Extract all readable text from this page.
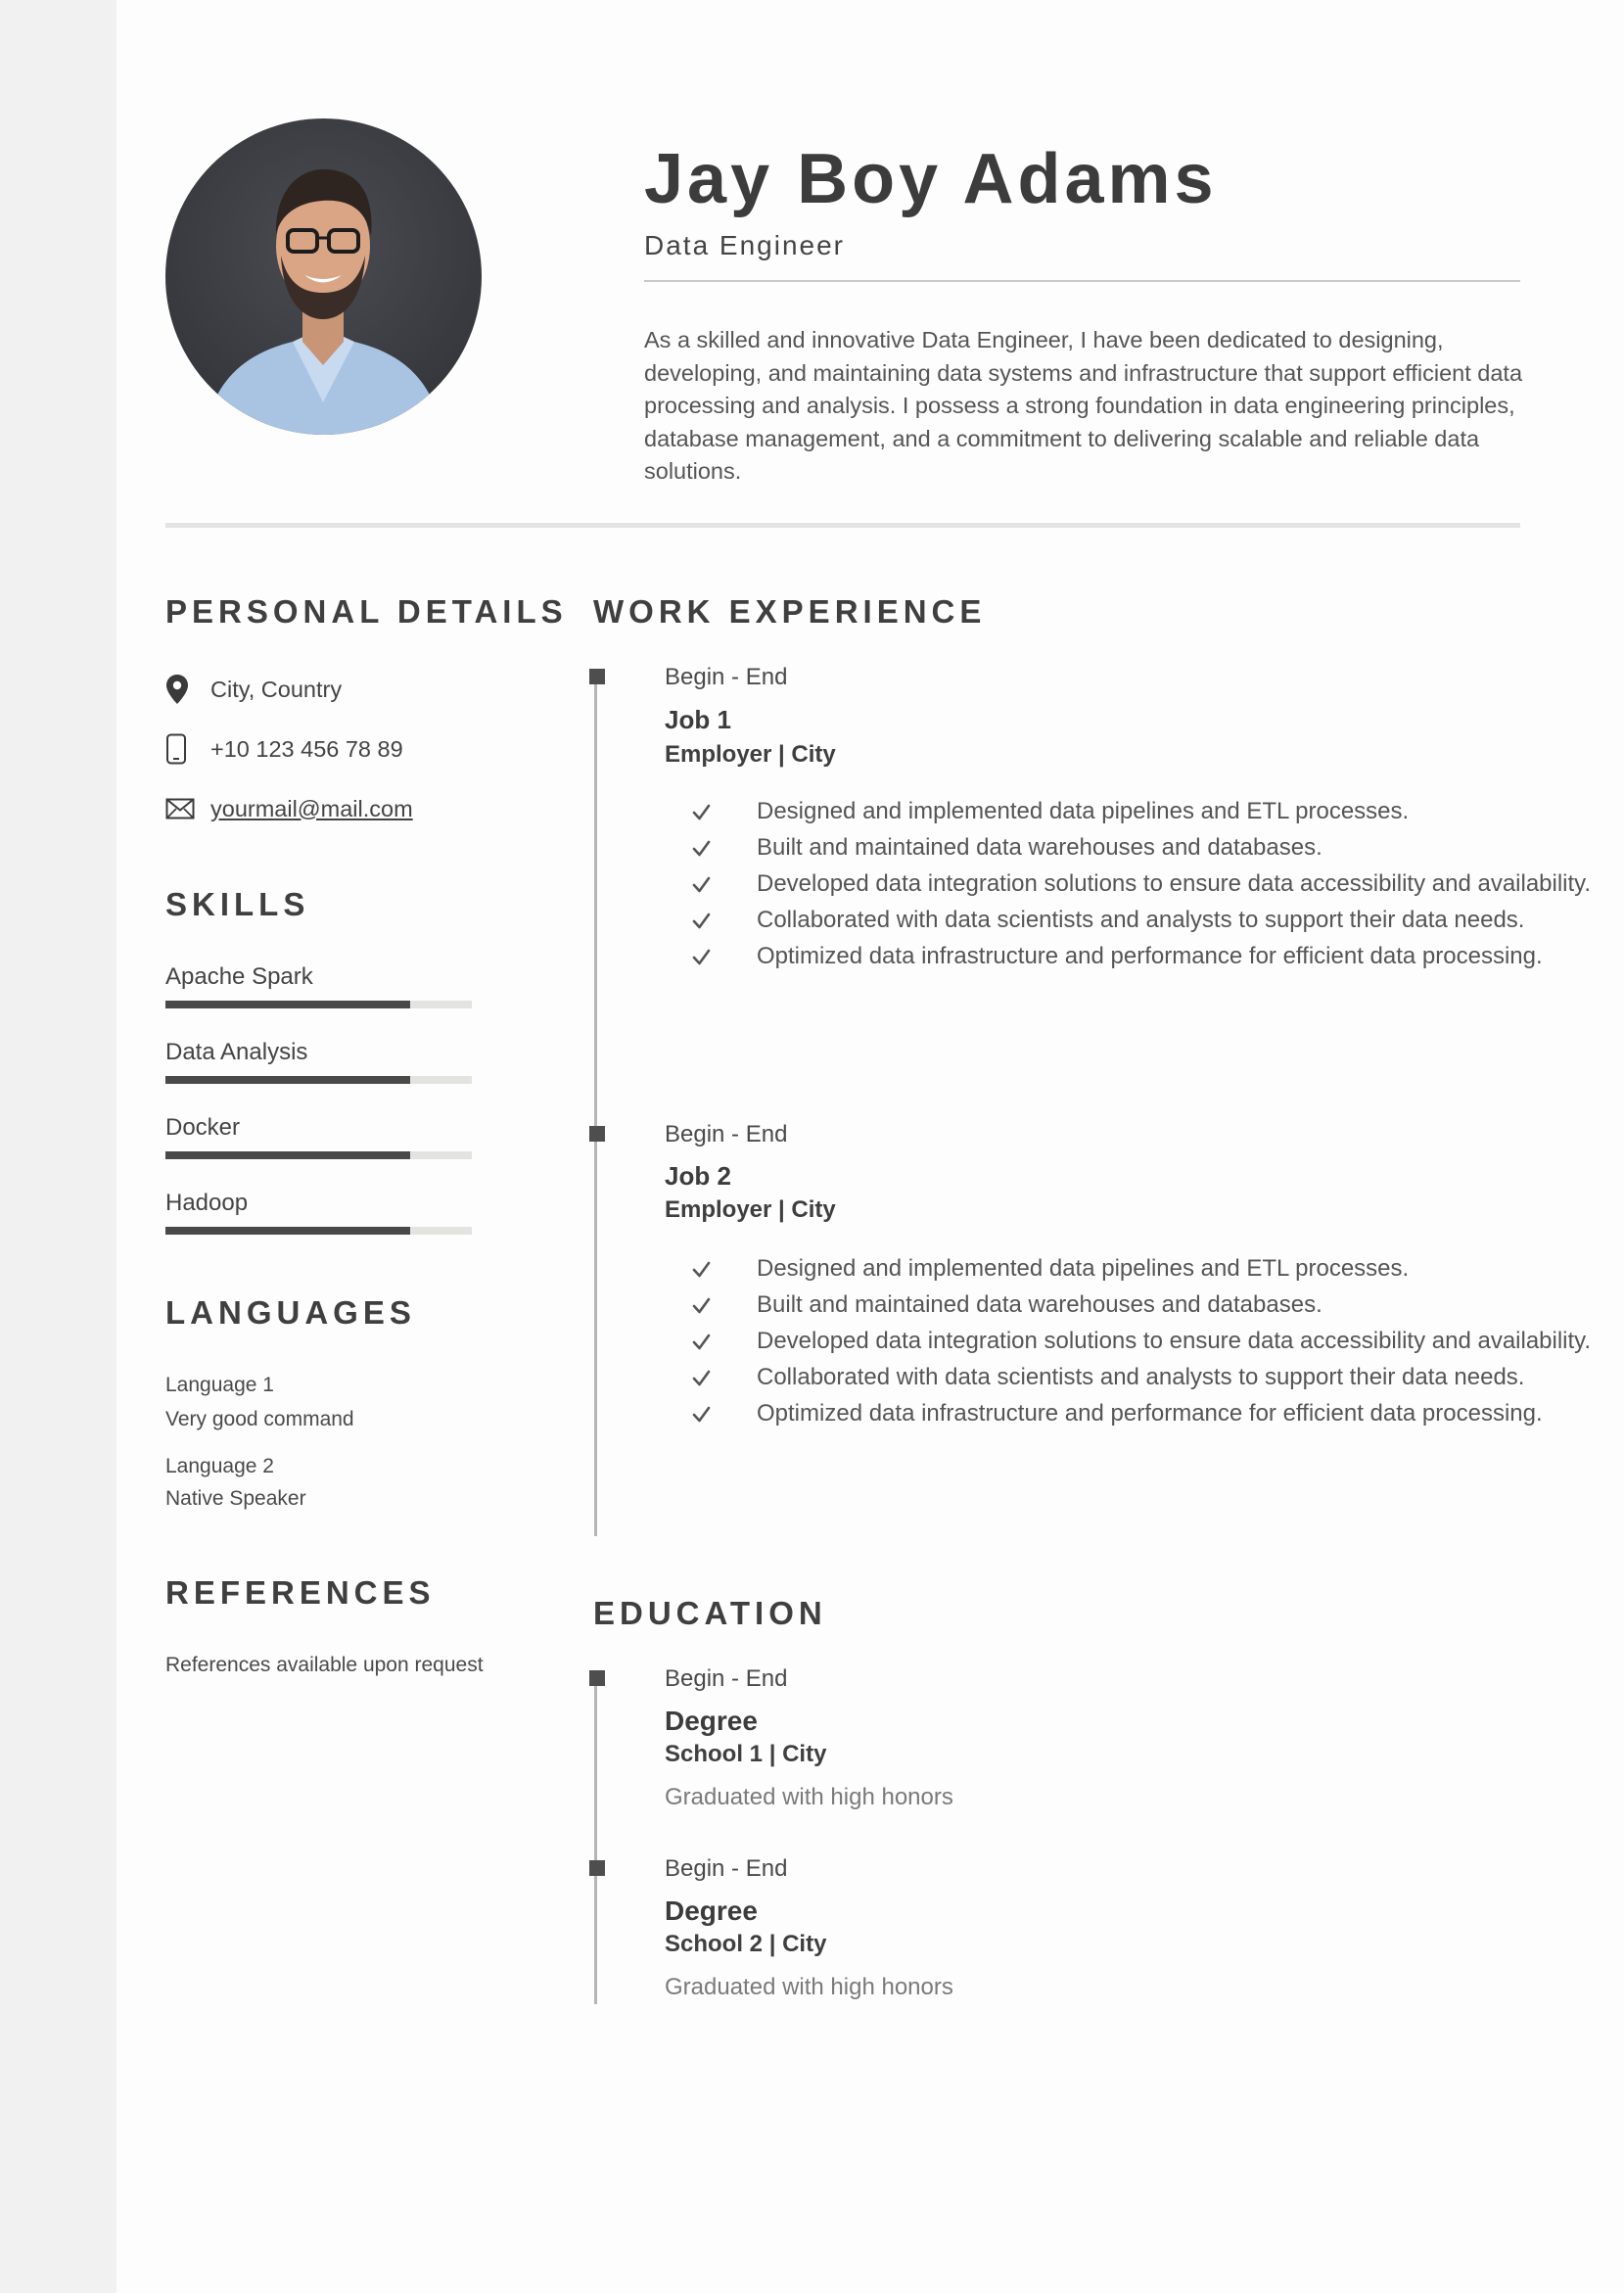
Jay Boy Adams
Data Engineer
As a skilled and innovative Data Engineer, I have been dedicated to designing, developing, and maintaining data systems and infrastructure that support efficient data processing and analysis. I possess a strong foundation in data engineering principles, database management, and a commitment to delivering scalable and reliable data solutions.
PERSONAL DETAILS
City, Country
+10 123 456 78 89
yourmail@mail.com
SKILLS
Apache Spark
Data Analysis
Docker
Hadoop
LANGUAGES
Language 1
Very good command
Language 2
Native Speaker
REFERENCES
References available upon request
WORK EXPERIENCE
Begin - End
Job 1
Employer | City
Designed and implemented data pipelines and ETL processes.
Built and maintained data warehouses and databases.
Developed data integration solutions to ensure data accessibility and availability.
Collaborated with data scientists and analysts to support their data needs.
Optimized data infrastructure and performance for efficient data processing.
Begin - End
Job 2
Employer | City
Designed and implemented data pipelines and ETL processes.
Built and maintained data warehouses and databases.
Developed data integration solutions to ensure data accessibility and availability.
Collaborated with data scientists and analysts to support their data needs.
Optimized data infrastructure and performance for efficient data processing.
EDUCATION
Begin - End
Degree
School 1 | City
Graduated with high honors
Begin - End
Degree
School 2 | City
Graduated with high honors
